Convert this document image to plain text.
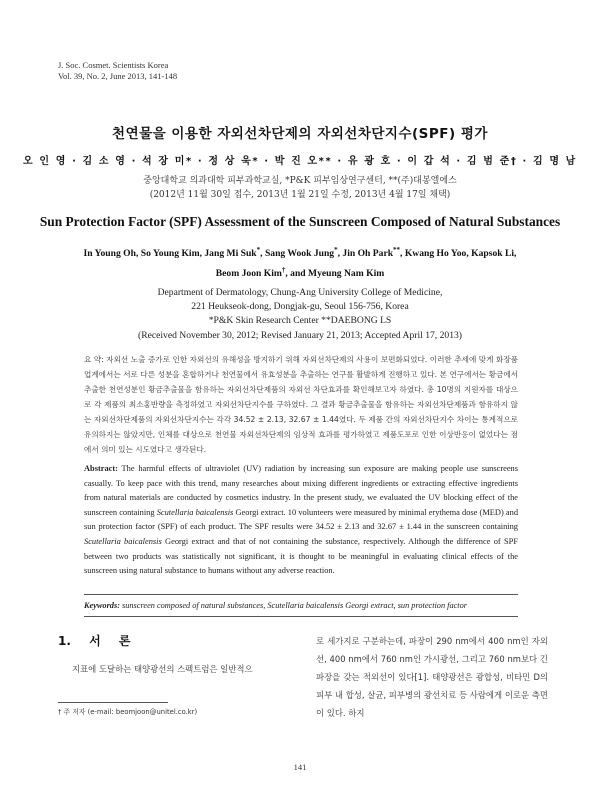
J. Soc. Cosmet. Scientists Korea
Vol. 39, No. 2, June 2013, 141-148
천연물을 이용한 자외선차단제의 자외선차단지수(SPF) 평가
오 인 영 · 김 소 영 · 석 장 미* · 정 상 욱* · 박 진 오** · 유 광 호 · 이 갑 석 · 김 범 준† · 김 명 남
중앙대학교 의과대학 피부과학교실, *P&K 피부임상연구센터, **(주)대봉엘에스
(2012년 11월 30일 접수, 2013년 1월 21일 수정, 2013년 4월 17일 채택)
Sun Protection Factor (SPF) Assessment of the Sunscreen Composed of Natural Substances
In Young Oh, So Young Kim, Jang Mi Suk*, Sang Wook Jung*, Jin Oh Park**, Kwang Ho Yoo, Kapsok Li,
Beom Joon Kim†, and Myeung Nam Kim
Department of Dermatology, Chung-Ang University College of Medicine,
221 Heukseok-dong, Dongjak-gu, Seoul 156-756, Korea
*P&K Skin Research Center **DAEBONG LS
(Received November 30, 2012; Revised January 21, 2013; Accepted April 17, 2013)
요 약: 자외선 노출 증가로 인한 자외선의 유해성을 방지하기 위해 자외선차단제의 사용이 보편화되었다. 이러한 추세에 맞게 화장품 업계에서는 서로 다른 성분을 혼합하거나 천연물에서 유효성분을 추출하는 연구를 활발하게 진행하고 있다. 본 연구에서는 황금에서 추출한 천연성분인 황금추출물을 함유하는 자외선차단제품의 자외선 차단효과를 확인해보고자 하였다. 총 10명의 지원자를 대상으로 각 제품의 최소홍반량을 측정하였고 자외선차단지수를 구하였다. 그 결과 황금추출물을 함유하는 자외선차단제품과 함유하지 않는 자외선차단제품의 자외선차단지수는 각각 34.52 ± 2.13, 32.67 ± 1.44였다. 두 제품 간의 자외선차단지수 차이는 통계적으로 유의하지는 않았지만, 인체를 대상으로 천연물 자외선차단제의 임상적 효과를 평가하였고 제품도포로 인한 이상반응이 없었다는 점에서 의미 있는 시도였다고 생각된다.
Abstract: The harmful effects of ultraviolet (UV) radiation by increasing sun exposure are making people use sunscreens casually. To keep pace with this trend, many researches about mixing different ingredients or extracting effective ingredients from natural materials are conducted by cosmetics industry. In the present study, we evaluated the UV blocking effect of the sunscreen containing Scutellaria baicalensis Georgi extract. 10 volunteers were measured by minimal erythema dose (MED) and sun protection factor (SPF) of each product. The SPF results were 34.52 ± 2.13 and 32.67 ± 1.44 in the sunscreen containing Scutellaria baicalensis Georgi extract and that of not containing the substance, respectively. Although the difference of SPF between two products was statistically not significant, it is thought to be meaningful in evaluating clinical effects of the sunscreen using natural substance to humans without any adverse reaction.
Keywords: sunscreen composed of natural substances, Scutellaria baicalensis Georgi extract, sun protection factor
1. 서 론
지표에 도달하는 태양광선의 스펙트럼은 일반적으
로 세가지로 구분하는데, 파장이 290 nm에서 400 nm인 자외선, 400 nm에서 760 nm인 가시광선, 그리고 760 nm보다 긴 파장을 갖는 적외선이 있다[1]. 태양광선은 광합성, 비타민 D의 피부 내 합성, 살균, 피부병의 광선치료 등 사람에게 이로운 측면이 있다. 하지
† 주 저자 (e-mail: beomjoon@unitel.co.kr)
141
